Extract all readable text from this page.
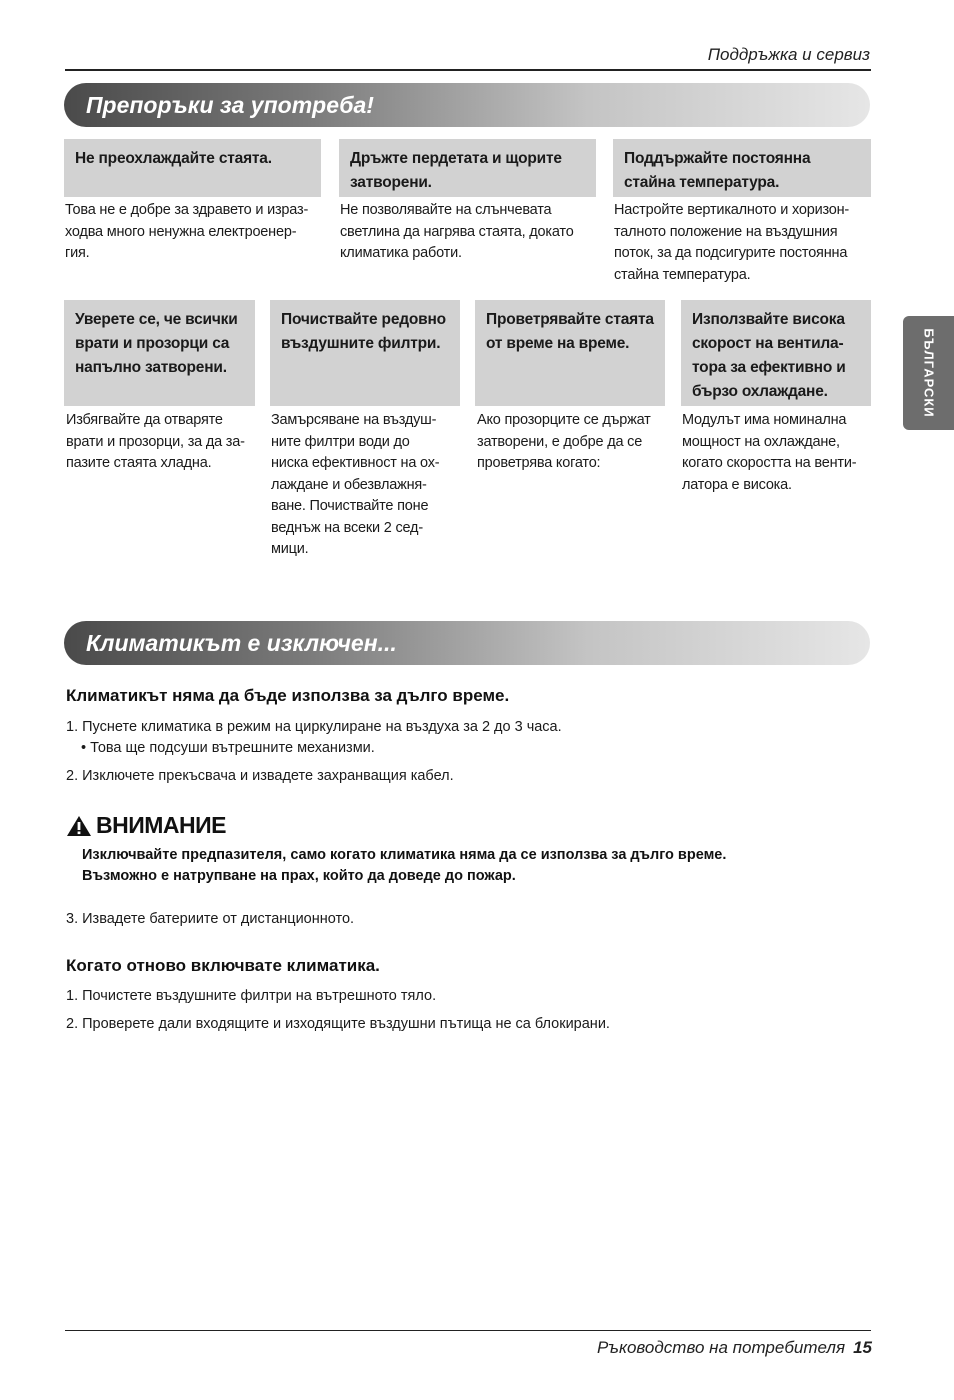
Поддръжка и сервиз
БЪЛГАРСКИ
Препоръки за употреба!
Не преохлаждайте стаята.
Това не е добре за здравето и израз-
ходва много ненужна електроенер-
гия.
Дръжте пердетата и щорите затворени.
Не позволявайте на слънчевата
светлина да нагрява стаята, докато
климатика работи.
Поддържайте постоянна стайна температура.
Настройте вертикалното и хоризон-
талното положение на въздушния
поток, за да подсигурите постоянна
стайна температура.
Уверете се, че всички врати и прозорци са напълно затворени.
Избягвайте да отваряте
врати и прозорци, за да за-
пазите стаята хладна.
Почиствайте редовно въздушните филтри.
Замърсяване на въздуш-
ните филтри води до
ниска ефективност на ох-
лаждане и обезвлажня-
ване. Почиствайте поне
веднъж на всеки 2 сед-
мици.
Проветрявайте стаята от време на време.
Ако прозорците се държат
затворени, е добре да се
проветрява когато:
Използвайте висока скорост на вентила-тора за ефективно и бързо охлаждане.
Модулът има номинална
мощност на охлаждане,
когато скоростта на венти-
латора е висока.
Климатикът е изключен...
Климатикът няма да бъде използва за дълго време.
1. Пуснете климатика в режим на циркулиране на въздуха за 2 до 3 часа.
• Това ще подсуши вътрешните механизми.
2. Изключете прекъсвача и извадете захранващия кабел.
ВНИМАНИЕ
Изключвайте предпазителя, само когато климатика няма да се използва за дълго време.
Възможно е натрупване на прах, който да доведе до пожар.
3. Извадете батериите от дистанционното.
Когато отново включвате климатика.
1. Почистете въздушните филтри на вътрешното тяло.
2. Проверете дали входящите и изходящите въздушни пътища не са блокирани.
Ръководство на потребителя 15
